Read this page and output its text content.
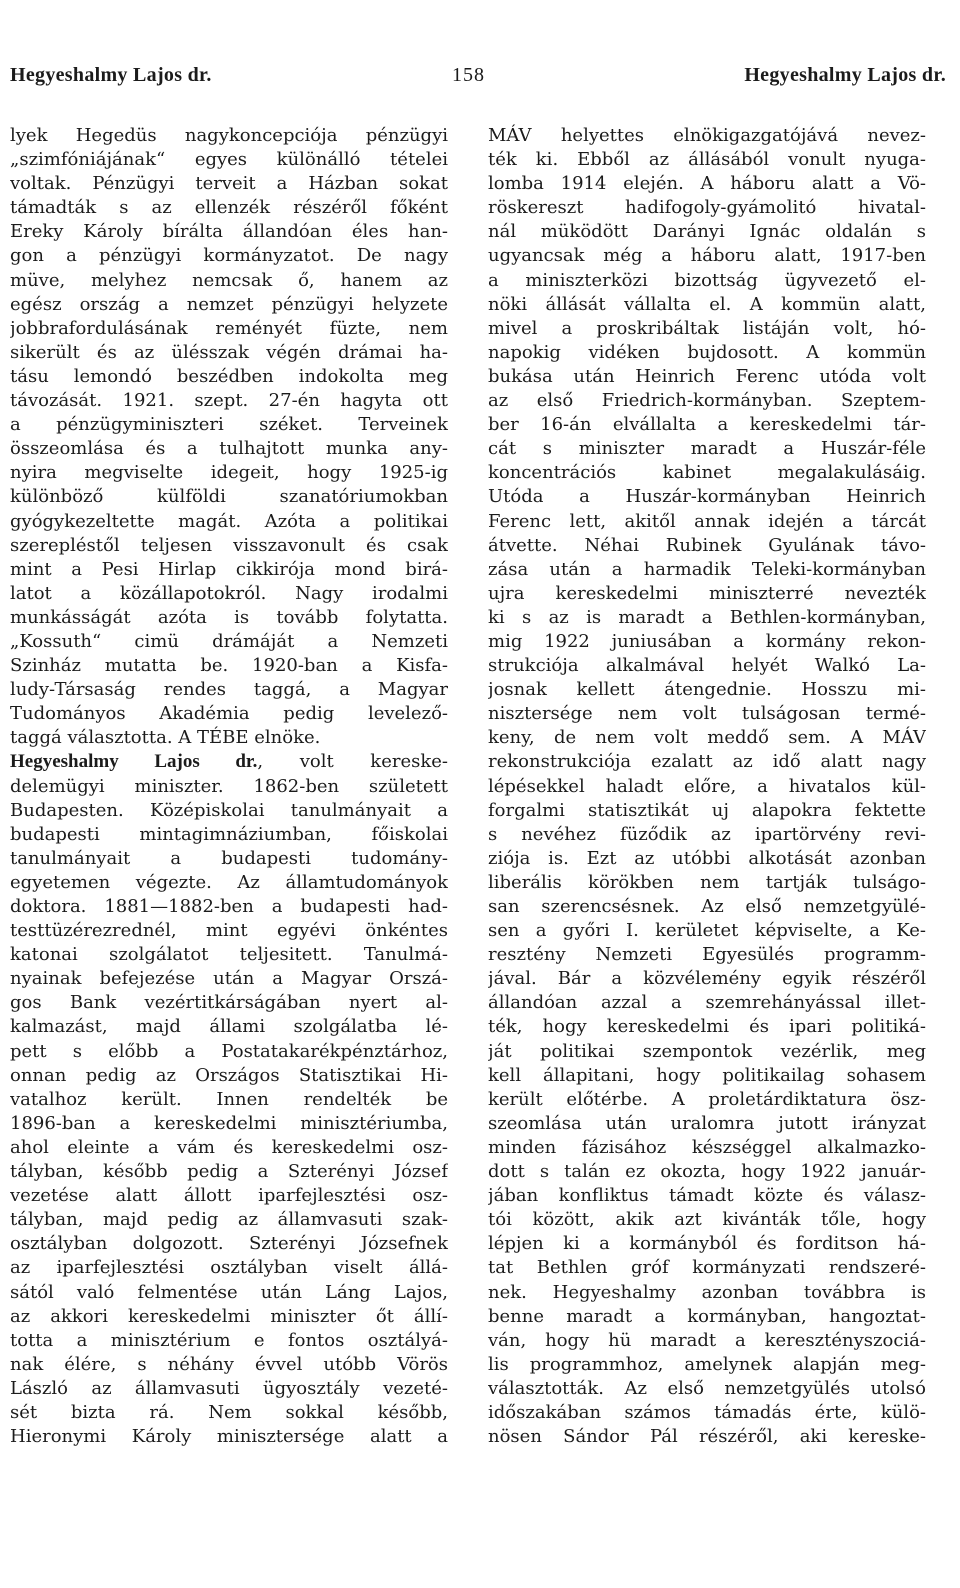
Hegyeshalmy Lajos dr.	158	Hegyeshalmy Lajos dr.
lyek Hegedüs nagykoncepciója pénzügyi
„szimfóniájának“ egyes különálló tételei
voltak. Pénzügyi terveit a Házban sokat
támadták s az ellenzék részéről főként
Ereky Károly bírálta állandóan éles han-
gon a pénzügyi kormányzatot. De nagy
müve, melyhez nemcsak ő, hanem az
egész ország a nemzet pénzügyi helyzete
jobbrafordulásának reményét füzte, nem
sikerült és az ülésszak végén drámai ha-
tásu lemondó beszédben indokolta meg
távozását. 1921. szept. 27-én hagyta ott
a pénzügyminiszteri széket. Terveinek
összeomlása és a tulhajtott munka any-
nyira megviselte idegeit, hogy 1925-ig
különböző külföldi szanatóriumokban
gyógykezeltette magát. Azóta a politikai
szerepléstől teljesen visszavonult és csak
mint a Pesi Hirlap cikkirója mond birá-
latot a közállapotokról. Nagy irodalmi
munkásságát azóta is tovább folytatta.
„Kossuth“ cimü drámáját a Nemzeti
Szinház mutatta be. 1920-ban a Kisfa-
ludy-Társaság rendes taggá, a Magyar
Tudományos Akadémia pedig levelező-
taggá választotta. A TÉBE elnöke.
Hegyeshalmy Lajos dr., volt kereske-
delemügyi miniszter. 1862-ben született
Budapesten. Középiskolai tanulmányait a
budapesti mintagimnáziumban, főiskolai
tanulmányait a budapesti tudomány-
egyetemen végezte. Az államtudományok
doktora. 1881—1882-ben a budapesti had-
testtüzérezrednél, mint egyévi önkéntes
katonai szolgálatot teljesitett. Tanulmá-
nyainak befejezése után a Magyar Orszá-
gos Bank vezértitkárságában nyert al-
kalmazást, majd állami szolgálatba lé-
pett s előbb a Postatakarékpénztárhoz,
onnan pedig az Országos Statisztikai Hi-
vatalhoz került. Innen rendelték be
1896-ban a kereskedelmi minisztériumba,
ahol eleinte a vám és kereskedelmi osz-
tályban, később pedig a Szterényi József
vezetése alatt állott iparfejlesztési osz-
tályban, majd pedig az államvasuti szak-
osztályban dolgozott. Szterényi Józsefnek
az iparfejlesztési osztályban viselt állá-
sától való felmentése után Láng Lajos,
az akkori kereskedelmi miniszter őt állí-
totta a minisztérium e fontos osztályá-
nak élére, s néhány évvel utóbb Vörös
László az államvasuti ügyosztály vezeté-
sét bizta rá. Nem sokkal később,
Hieronymi Károly minisztersége alatt a
MÁV helyettes elnökigazgatójává nevez-
ték ki. Ebből az állásából vonult nyuga-
lomba 1914 elején. A háboru alatt a Vö-
röskereszt hadifogoly-gyámolitó hivatal-
nál müködött Darányi Ignác oldalán s
ugyancsak még a háboru alatt, 1917-ben
a miniszterközi bizottság ügyvezető el-
nöki állását vállalta el. A kommün alatt,
mivel a proskribáltak listáján volt, hó-
napokig vidéken bujdosott. A kommün
bukása után Heinrich Ferenc utóda volt
az első Friedrich-kormányban. Szeptem-
ber 16-án elvállalta a kereskedelmi tár-
cát s miniszter maradt a Huszár-féle
koncentrációs kabinet megalakulásáig.
Utóda a Huszár-kormányban Heinrich
Ferenc lett, akitől annak idején a tárcát
átvette. Néhai Rubinek Gyulának távo-
zása után a harmadik Teleki-kormányban
ujra kereskedelmi miniszterré nevezték
ki s az is maradt a Bethlen-kormányban,
mig 1922 juniusában a kormány rekon-
strukciója alkalmával helyét Walkó La-
josnak kellett átengednie. Hosszu mi-
nisztersége nem volt tulságosan termé-
keny, de nem volt meddő sem. A MÁV
rekonstrukciója ezalatt az idő alatt nagy
lépésekkel haladt előre, a hivatalos kül-
forgalmi statisztikát uj alapokra fektette
s nevéhez füződik az ipartörvény revi-
ziója is. Ezt az utóbbi alkotását azonban
liberális körökben nem tartják tulságo-
san szerencsésnek. Az első nemzetgyülé-
sen a győri I. kerületet képviselte, a Ke-
resztény Nemzeti Egyesülés programm-
jával. Bár a közvélemény egyik részéről
állandóan azzal a szemrehányással illet-
ték, hogy kereskedelmi és ipari politiká-
ját politikai szempontok vezérlik, meg
kell állapitani, hogy politikailag sohasem
került előtérbe. A proletárdiktatura ösz-
szeomlása után uralomra jutott irányzat
minden fázisához készséggel alkalmazko-
dott s talán ez okozta, hogy 1922 január-
jában konfliktus támadt közte és válasz-
tói között, akik azt kivánták tőle, hogy
lépjen ki a kormányból és forditson há-
tat Bethlen gróf kormányzati rendszeré-
nek. Hegyeshalmy azonban továbbra is
benne maradt a kormányban, hangoztat-
ván, hogy hü maradt a keresztényszociá-
lis programmhoz, amelynek alapján meg-
választották. Az első nemzetgyülés utolsó
időszakában számos támadás érte, külö-
nösen Sándor Pál részéről, aki kereske-
